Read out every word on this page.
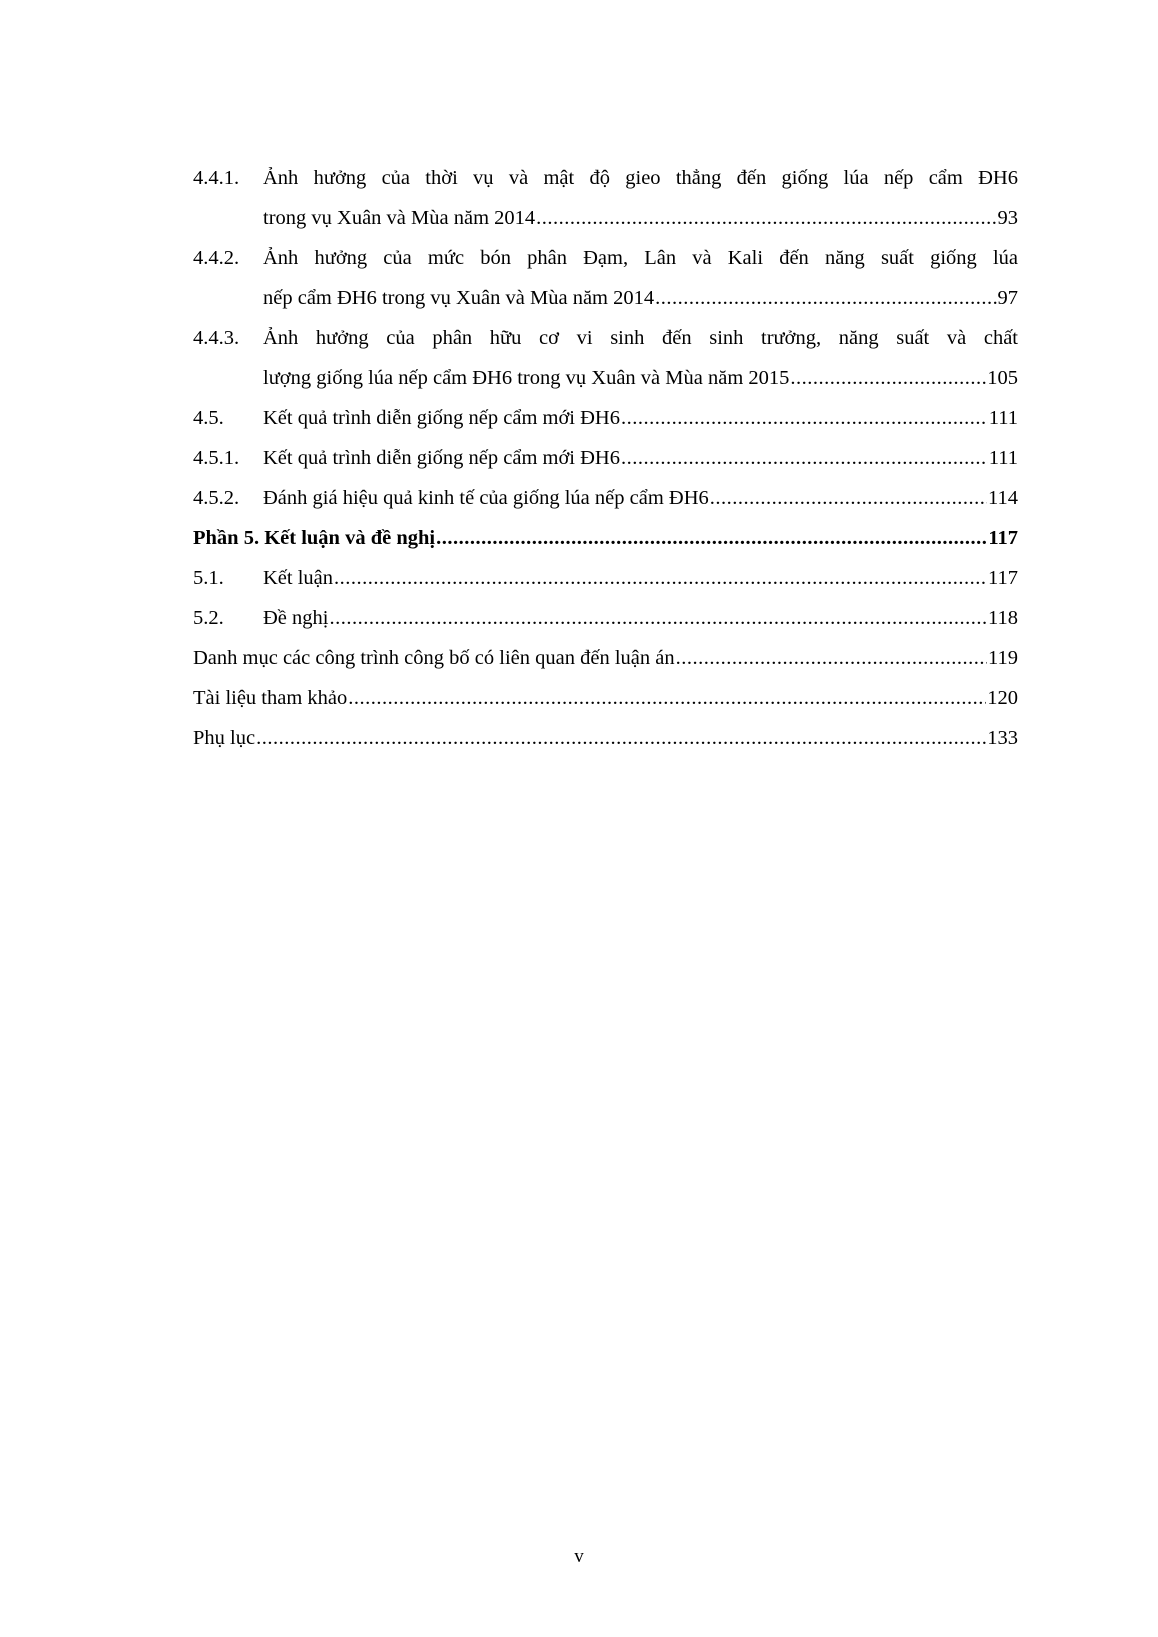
4.4.1.	Ảnh hưởng của thời vụ và mật độ gieo thẳng đến giống lúa nếp cẩm ĐH6
trong vụ Xuân và Mùa năm 2014 .....	93
4.4.2.	Ảnh hưởng của mức bón phân Đạm, Lân và Kali đến năng suất giống lúa
nếp cẩm ĐH6 trong vụ Xuân và Mùa năm 2014 .....	97
4.4.3.	Ảnh hưởng của phân hữu cơ vi sinh đến sinh trưởng, năng suất và chất
lượng giống lúa nếp cẩm ĐH6 trong vụ Xuân và Mùa năm 2015 .....	105
4.5.	Kết quả trình diễn giống nếp cẩm mới ĐH6 .....	111
4.5.1.	Kết quả trình diễn giống nếp cẩm mới ĐH6 .....	111
4.5.2.	Đánh giá hiệu quả kinh tế của giống lúa nếp cẩm ĐH6 .....	114
Phần 5. Kết luận và đề nghị .....	117
5.1.	Kết luận .....	117
5.2.	Đề nghị .....	118
Danh mục các công trình công bố có liên quan đến luận án .....	119
Tài liệu tham khảo .....	120
Phụ lục .....	133
v
